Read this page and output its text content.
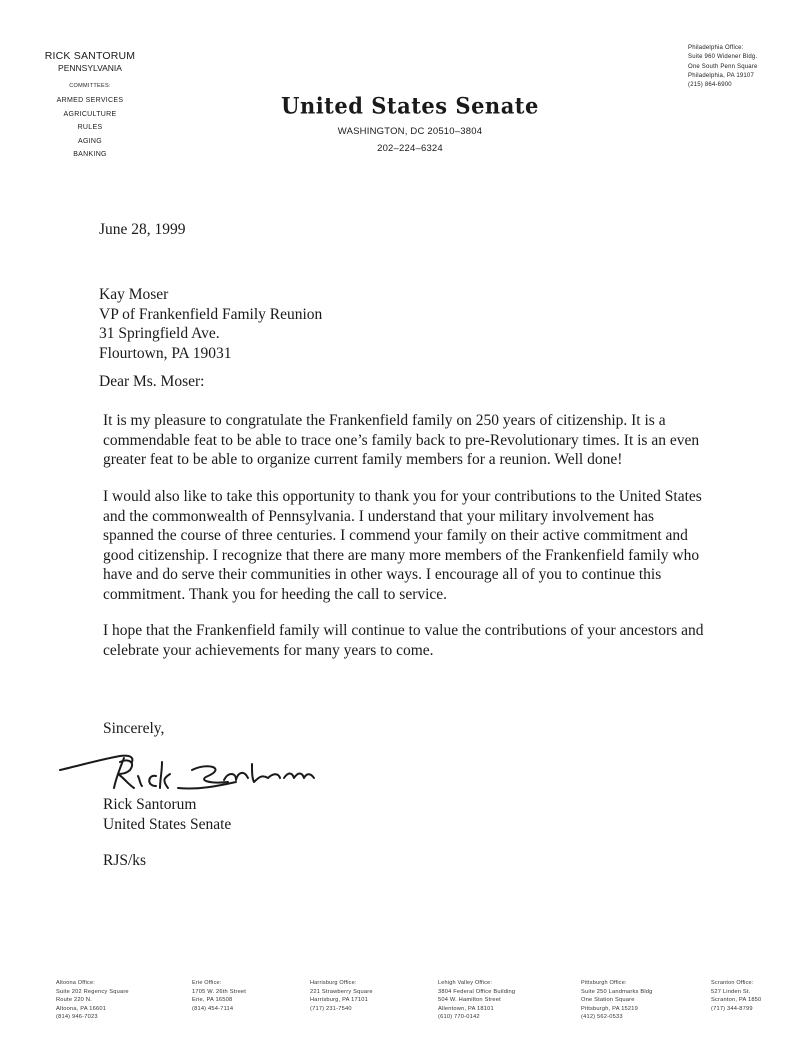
RICK SANTORUM
PENNSYLVANIA
COMMITTEES:
ARMED SERVICES
AGRICULTURE
RULES
AGING
BANKING
United States Senate
WASHINGTON, DC 20510–3804
202–224–6324
Philadelphia Office:
Suite 960 Widener Bldg.
One South Penn Square
Philadelphia, PA 19107
(215) 864-6900
June 28, 1999
Kay Moser
VP of Frankenfield Family Reunion
31 Springfield Ave.
Flourtown, PA 19031
Dear Ms. Moser:
It is my pleasure to congratulate the Frankenfield family on 250 years of citizenship. It is a
commendable feat to be able to trace one’s family back to pre-Revolutionary times. It is an even
greater feat to be able to organize current family members for a reunion. Well done!
I would also like to take this opportunity to thank you for your contributions to the United States
and the commonwealth of Pennsylvania. I understand that your military involvement has
spanned the course of three centuries. I commend your family on their active commitment and
good citizenship. I recognize that there are many more members of the Frankenfield family who
have and do serve their communities in other ways. I encourage all of you to continue this
commitment. Thank you for heeding the call to service.
I hope that the Frankenfield family will continue to value the contributions of your ancestors and
celebrate your achievements for many years to come.
Sincerely,
Rick Santorum
United States Senate
RJS/ks
Altoona Office:
Suite 202 Regency Square
Route 220 N.
Altoona, PA 16601
(814) 946-7023
Erie Office:
1705 W. 26th Street
Erie, PA 16508
(814) 454-7114
Harrisburg Office:
221 Strawberry Square
Harrisburg, PA 17101
(717) 231-7540
Lehigh Valley Office:
3804 Federal Office Building
504 W. Hamilton Street
Allentown, PA 18101
(610) 770-0142
Pittsburgh Office:
Suite 250 Landmarks Bldg
One Station Square
Pittsburgh, PA 15219
(412) 562-0533
Scranton Office:
527 Linden St.
Scranton, PA 1850
(717) 344-8799
